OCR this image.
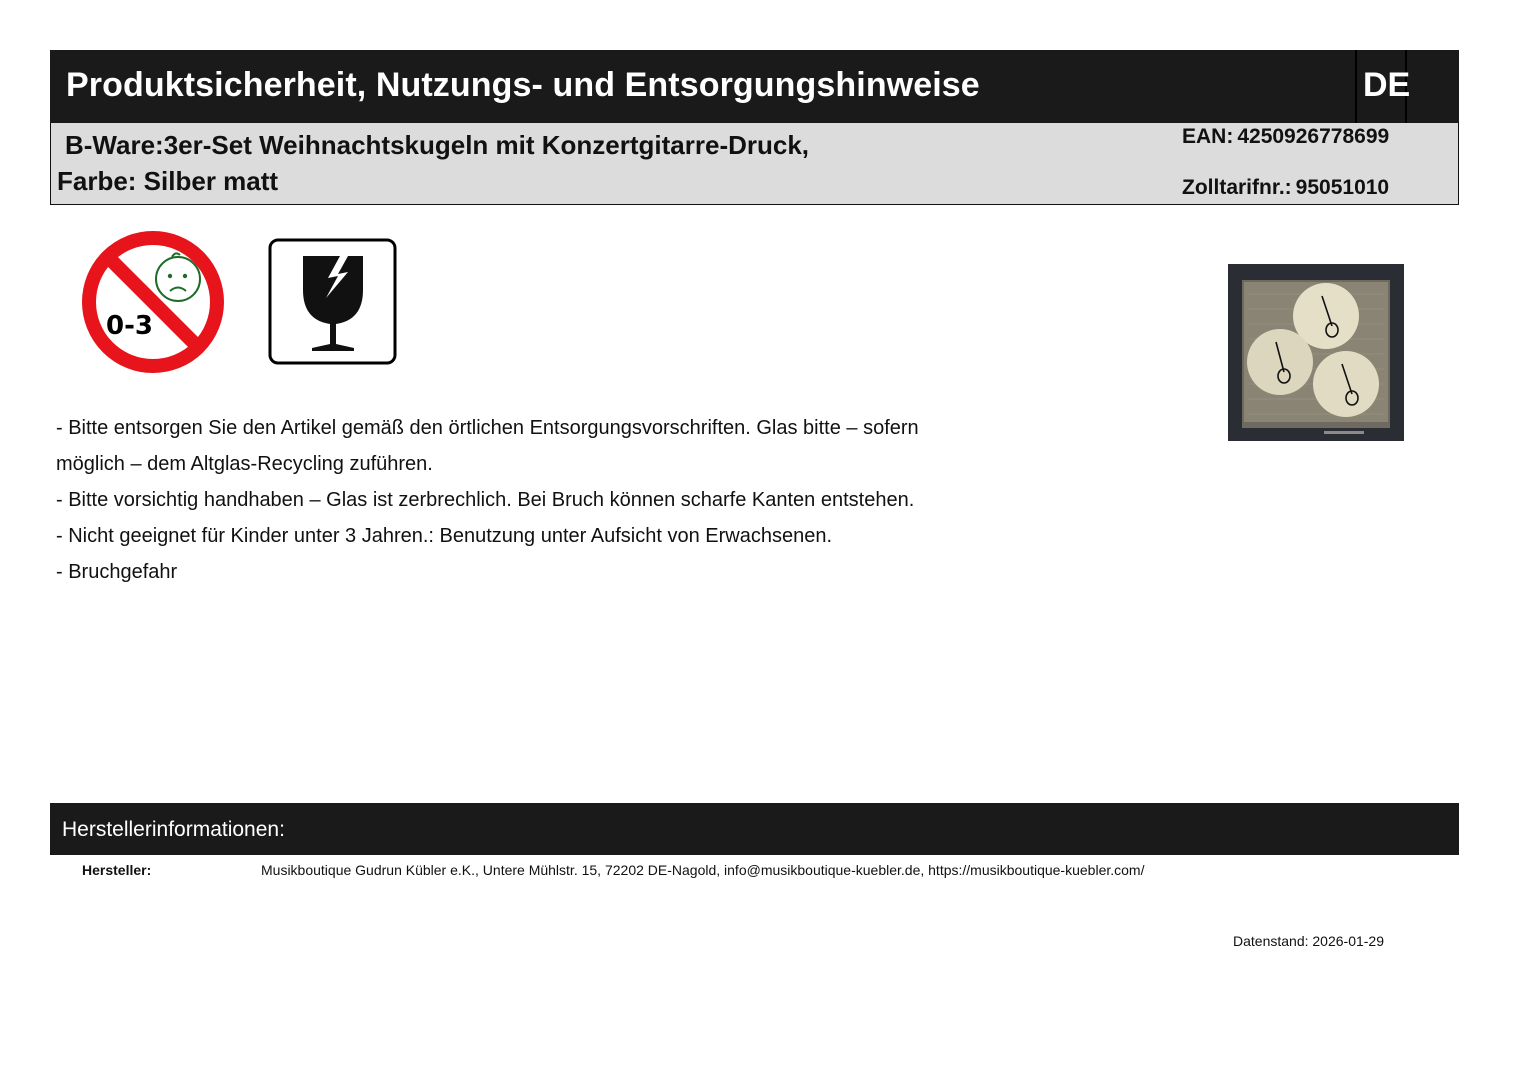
Produktsicherheit, Nutzungs- und Entsorgungshinweise	DE
B-Ware:3er-Set Weihnachtskugeln mit Konzertgitarre-Druck,
Farbe: Silber matt
EAN: 4250926778699
Zolltarifnr.: 95051010
0-3
- Bitte entsorgen Sie den Artikel gemäß den örtlichen Entsorgungsvorschriften. Glas bitte – sofern
möglich – dem Altglas-Recycling zuführen.
- Bitte vorsichtig handhaben – Glas ist zerbrechlich. Bei Bruch können scharfe Kanten entstehen.
- Nicht geeignet für Kinder unter 3 Jahren.: Benutzung unter Aufsicht von Erwachsenen.
- Bruchgefahr
Herstellerinformationen:
Hersteller:	Musikboutique Gudrun Kübler e.K., Untere Mühlstr. 15, 72202 DE-Nagold, info@musikboutique-kuebler.de, https://musikboutique-kuebler.com/
Datenstand: 2026-01-29
